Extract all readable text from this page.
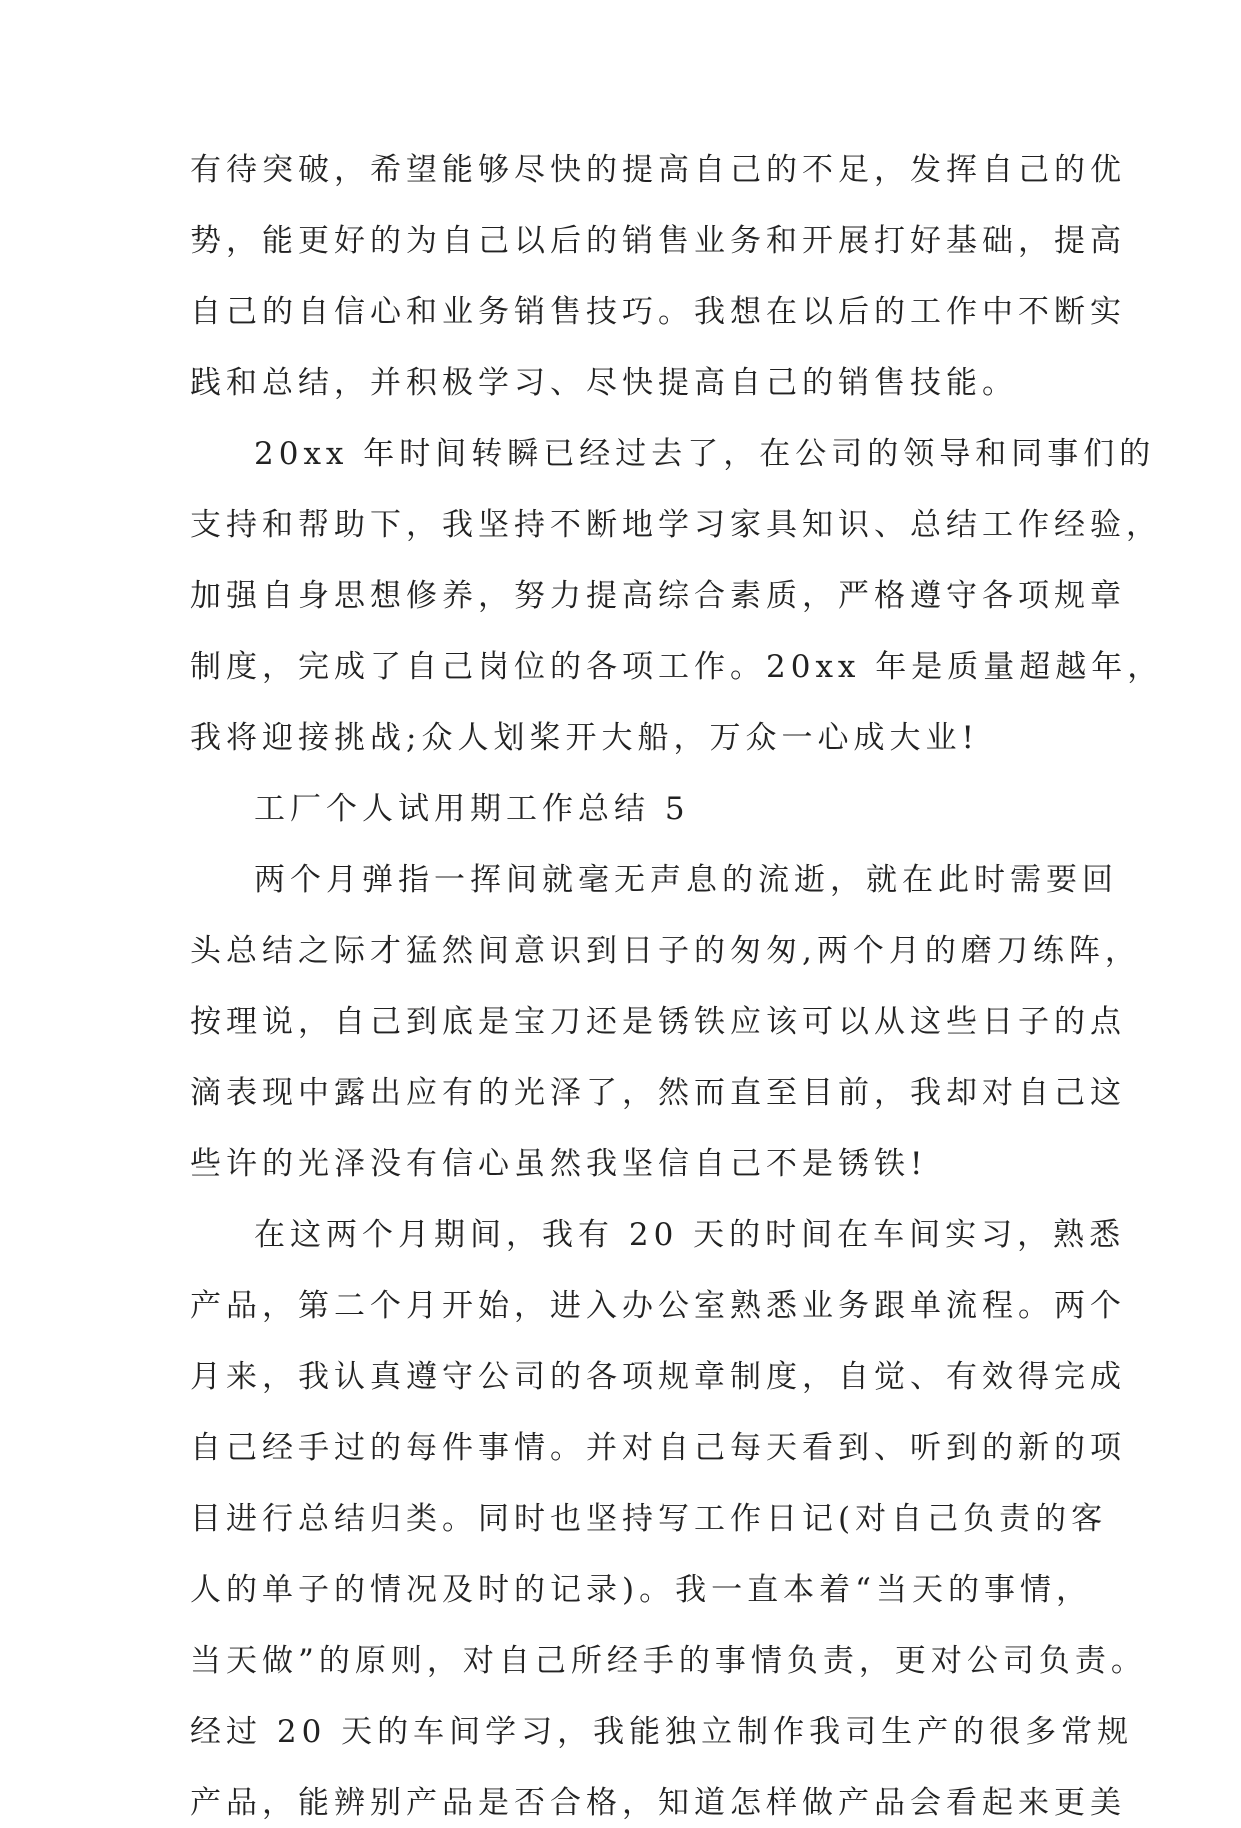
有待突破，希望能够尽快的提高自己的不足，发挥自己的优
势，能更好的为自己以后的销售业务和开展打好基础，提高
自己的自信心和业务销售技巧。我想在以后的工作中不断实
践和总结，并积极学习、尽快提高自己的销售技能。
20xx 年时间转瞬已经过去了，在公司的领导和同事们的
支持和帮助下，我坚持不断地学习家具知识、总结工作经验，
加强自身思想修养，努力提高综合素质，严格遵守各项规章
制度，完成了自己岗位的各项工作。20xx 年是质量超越年，
我将迎接挑战;众人划桨开大船，万众一心成大业!
工厂个人试用期工作总结 5
两个月弹指一挥间就毫无声息的流逝，就在此时需要回
头总结之际才猛然间意识到日子的匆匆,两个月的磨刀练阵，
按理说，自己到底是宝刀还是锈铁应该可以从这些日子的点
滴表现中露出应有的光泽了，然而直至目前，我却对自己这
些许的光泽没有信心虽然我坚信自己不是锈铁!
在这两个月期间，我有 20 天的时间在车间实习，熟悉
产品，第二个月开始，进入办公室熟悉业务跟单流程。两个
月来，我认真遵守公司的各项规章制度，自觉、有效得完成
自己经手过的每件事情。并对自己每天看到、听到的新的项
目进行总结归类。同时也坚持写工作日记(对自己负责的客
人的单子的情况及时的记录)。我一直本着“当天的事情，
当天做”的原则，对自己所经手的事情负责，更对公司负责。
经过 20 天的车间学习，我能独立制作我司生产的很多常规
产品，能辨别产品是否合格，知道怎样做产品会看起来更美
